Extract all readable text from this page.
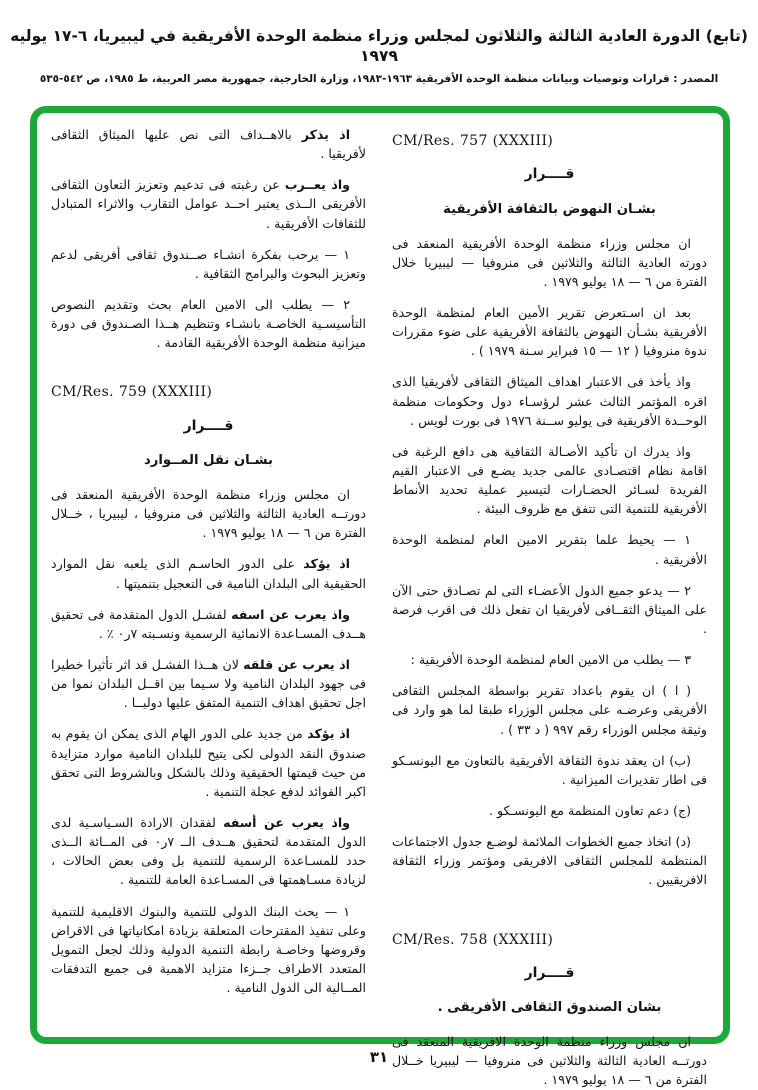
(تابع) الدورة العادية الثالثة والثلاثون لمجلس وزراء منظمة الوحدة الأفريقية في ليبيريا، ٦-١٧ يوليه ١٩٧٩
المصدر : قرارات وتوصيات وبيانات منظمة الوحدة الأفريقية ١٩٦٣-١٩٨٣، وزارة الخارجية، جمهورية مصر العربية، ط ١٩٨٥، ص ٥٤٢-٥٣٥
CM/Res. 757 (XXXIII)
قــــرار
بشـان النهوض بالثقافة الأفريقية

ان مجلس وزراء منظمة الوحدة الأفريقية المنعقد فى دورته العادية الثالثة والثلاثين فى منروفيا — ليبيريا خلال الفترة من ٦ — ١٨ يوليو ١٩٧٩ .

بعد ان اسـتعرض تقرير الأمين العام لمنظمة الوحدة الأفريقية بشـأن النهوض بالثقافة الأفريقية على ضوء مقررات ندوة منروفيا ( ١٢ — ١٥ فبراير سـنة ١٩٧٩ ) .

واذ يأخذ فى الاعتبار اهداف الميثاق الثقافى لأفريقيا الذى اقره المؤتمر الثالث عشر لرؤسـاء دول وحكومات منظمة الوحــدة الأفريقية فى يوليو ســنة ١٩٧٦ فى بورت لويس .

واذ يدرك ان تأكيد الأصـالة الثقافية هى دافع الرغبة فى اقامة نظام اقتصـادى عالمى جديد يضـع فى الاعتبار القيم الفريدة لسـائر الحضـارات لتيسير عملية تحديد الأنماط الأفريقية للتنمية التى تتفق مع ظروف البيئة .

١ — يحيط علما بتقرير الامين العام لمنظمة الوحدة الأفريقية .

٢ — يدعو جميع الدول الأعضـاء التى لم تصـادق حتى الآن على الميثاق الثقــافى لأفريقيا ان تفعل ذلك فى اقرب فرصة .

٣ — يطلب من الامين العام لمنظمة الوحدة الأفريقية :

( ا ) ان يقوم باعداد تقرير بواسطة المجلس الثقافى الأفريقى وعرضـه على مجلس الوزراء طبقا لما هو وارد فى وثيقة مجلس الوزراء رقم ٩٩٧ ( د ٣٣ ) .

(ب) ان يعقد ندوة الثقافة الأفريقية بالتعاون مع اليونسـكو فى اطار تقديرات الميزانية .

(ج) دعم تعاون المنظمة مع اليونسـكو .

(د) اتخاذ جميع الخطوات الملائمة لوضـع جدول الاجتماعات المنتظمة للمجلس الثقافى الافريقى ومؤتمر وزراء الثقافة الافريقيين .

CM/Res. 758 (XXXIII)
قــــرار
بشان الصندوق الثقافى الأفريقى .

ان مجلس وزراء منظمة الوحدة الافريقية المنعقد فى دورتــه العادية الثالثة والثلاثين فى منروفيا — ليبيريا خــلال الفترة من ٦ — ١٨ يوليو ١٩٧٩ .

اذ يذكر بالاهــداف التى نص عليها الميثاق الثقافى لأفريقيا .

واذ يعــرب عن رغبته فى تدعيم وتعزيز التعاون الثقافى الأفريقى الــذى يعتبر احــد عوامل التقارب والاثراء المتبادل للثقافات الأفريقية .

١ — يرحب بفكرة انشـاء صــندوق ثقافى أفريقى لدعم وتعزيز البحوث والبرامج الثقافية .

٢ — يطلب الى الامين العام بحث وتقديم النصوص التأسيسـية الخاصـة بانشـاء وتنظيم هــذا الصـندوق فى دورة ميزانية منظمة الوحدة الأفريقية القادمة .

CM/Res. 759 (XXXIII)
قــــرار
بشـان نقل المــوارد

ان مجلس وزراء منظمة الوحدة الأفريقية المنعقد فى دورتــه العادية الثالثة والثلاثين فى منروفيا ، ليبيريا ، خــلال الفترة من ٦ — ١٨ يوليو ١٩٧٩ .

اذ يؤكد على الدور الحاسـم الذى يلعبه نقل الموارد الحقيقية الى البلدان النامية فى التعجيل بتنميتها .

واذ يعرب عن اسفه لفشـل الدول المتقدمة فى تحقيق هــدف المسـاعدة الانمائية الرسمية ونسـبته ٧ر٠ ٪ .

اذ يعرب عن قلقه لان هــذا الفشـل قد اثر تأثيرا خطيرا فى جهود البلدان النامية ولا سـيما بين اقــل البلدان نموا من اجل تحقيق اهداف التنمية المتفق عليها دوليــا .

اذ يؤكد من جديد على الدور الهام الذى يمكن ان يقوم به صندوق النقد الدولى لكى يتيح للبلدان النامية موارد متزايدة من حيث قيمتها الحقيقية وذلك بالشكل وبالشروط التى تحقق اكبر الفوائد لدفع عجلة التنمية .

واذ يعرب عن أسفه لفقدان الارادة السـياسـية لدى الدول المتقدمة لتحقيق هــدف الــ ٧ر٠ فى المــائة الــذى حدد للمسـاعدة الرسمية للتنمية بل وفى بعض الحالات ، لزيادة مسـاهمتها فى المسـاعدة العامة للتنمية .

١ — يحث البنك الدولى للتنمية والبنوك الاقليمية للتنمية وعلى تنفيذ المقترحات المتعلقة بزيادة امكانياتها فى الاقراض وقروضها وخاصـة رابطة التنمية الدولية وذلك لجعل التمويل المتعدد الاطراف جــزءا متزايد الاهمية فى جميع التدفقات المــالية الى الدول النامية .

٣١
